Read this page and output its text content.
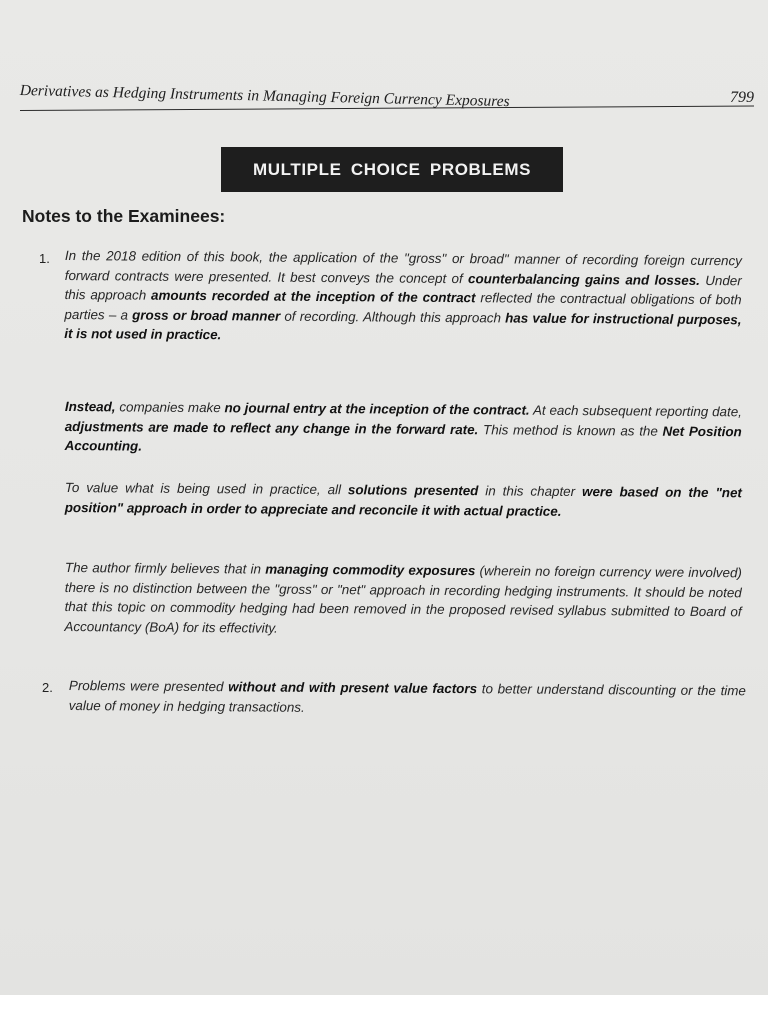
Derivatives as Hedging Instruments in Managing Foreign Currency Exposures	799
MULTIPLE CHOICE PROBLEMS
Notes to the Examinees:
1. In the 2018 edition of this book, the application of the "gross" or broad" manner of recording foreign currency forward contracts were presented. It best conveys the concept of counterbalancing gains and losses. Under this approach amounts recorded at the inception of the contract reflected the contractual obligations of both parties – a gross or broad manner of recording. Although this approach has value for instructional purposes, it is not used in practice.

Instead, companies make no journal entry at the inception of the contract. At each subsequent reporting date, adjustments are made to reflect any change in the forward rate. This method is known as the Net Position Accounting.

To value what is being used in practice, all solutions presented in this chapter were based on the "net position" approach in order to appreciate and reconcile it with actual practice.

The author firmly believes that in managing commodity exposures (wherein no foreign currency were involved) there is no distinction between the "gross" or "net" approach in recording hedging instruments. It should be noted that this topic on commodity hedging had been removed in the proposed revised syllabus submitted to Board of Accountancy (BoA) for its effectivity.

2. Problems were presented without and with present value factors to better understand discounting or the time value of money in hedging transactions.
